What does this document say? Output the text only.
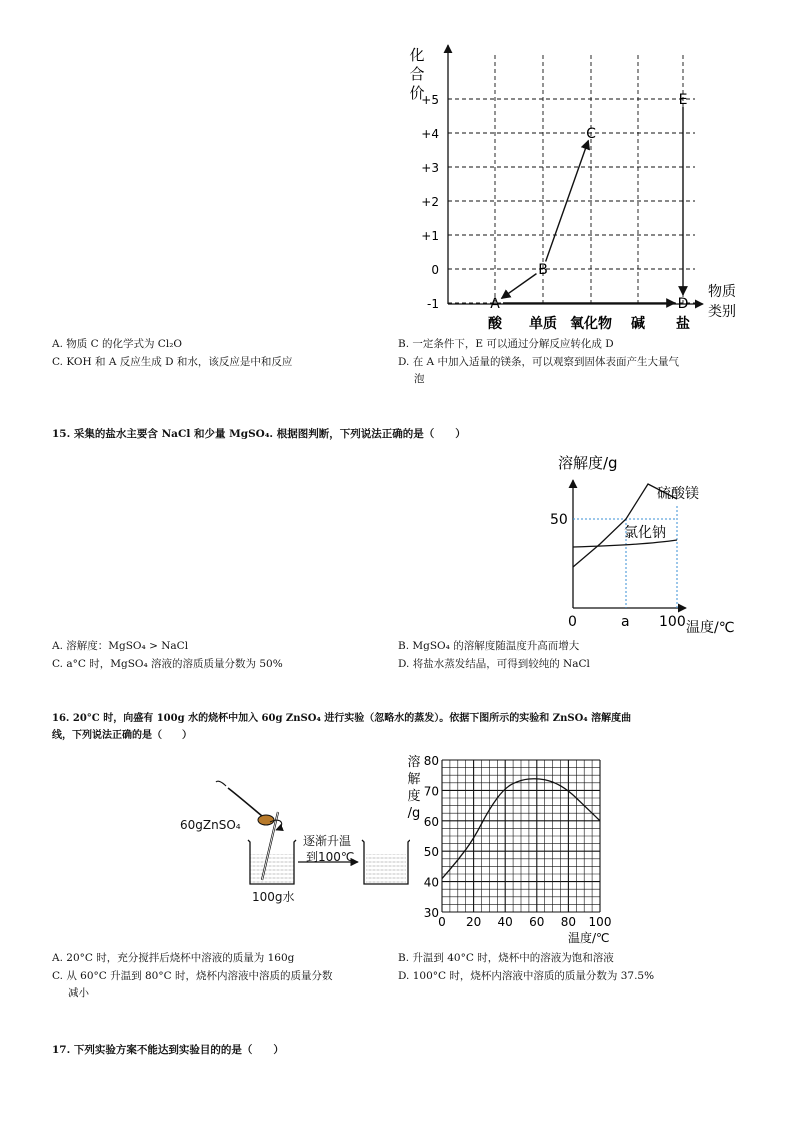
+5
+4
+3
+2
+1
0
-1
酸 单质 氧化物 碱 盐
化
合
价
物质
类别
A
B
C
D
E
A. 物质 C 的化学式为 Cl₂O	B. 一定条件下，E 可以通过分解反应转化成 D
C. KOH 和 A 反应生成 D 和水，该反应是中和反应	D. 在 A 中加入适量的镁条，可以观察到固体表面产生大量气
泡
15. 采集的盐水主要含 NaCl 和少量 MgSO₄. 根据图判断，下列说法正确的是（　　）
溶解度/g
硫酸镁
氯化钠
50
0	a 100 温度/℃
A. 溶解度：MgSO₄ > NaCl	B. MgSO₄ 的溶解度随温度升高而增大
C. a°C 时，MgSO₄ 溶液的溶质质量分数为 50%	D. 将盐水蒸发结晶，可得到较纯的 NaCl
16. 20°C 时，向盛有 100g 水的烧杯中加入 60g ZnSO₄ 进行实验（忽略水的蒸发）。依据下图所示的实验和 ZnSO₄ 溶解度曲
线，下列说法正确的是（　　）
60gZnSO₄
逐渐升温
到100℃
100g水
30
40
50
60
70
80
0 20 40 60 80 100
溶
解
度
/g
温度/℃
A. 20°C 时，充分搅拌后烧杯中溶液的质量为 160g	B. 升温到 40°C 时，烧杯中的溶液为饱和溶液
C. 从 60°C 升温到 80°C 时，烧杯内溶液中溶质的质量分数	D. 100°C 时，烧杯内溶液中溶质的质量分数为 37.5%
减小
17. 下列实验方案不能达到实验目的的是（　　）
